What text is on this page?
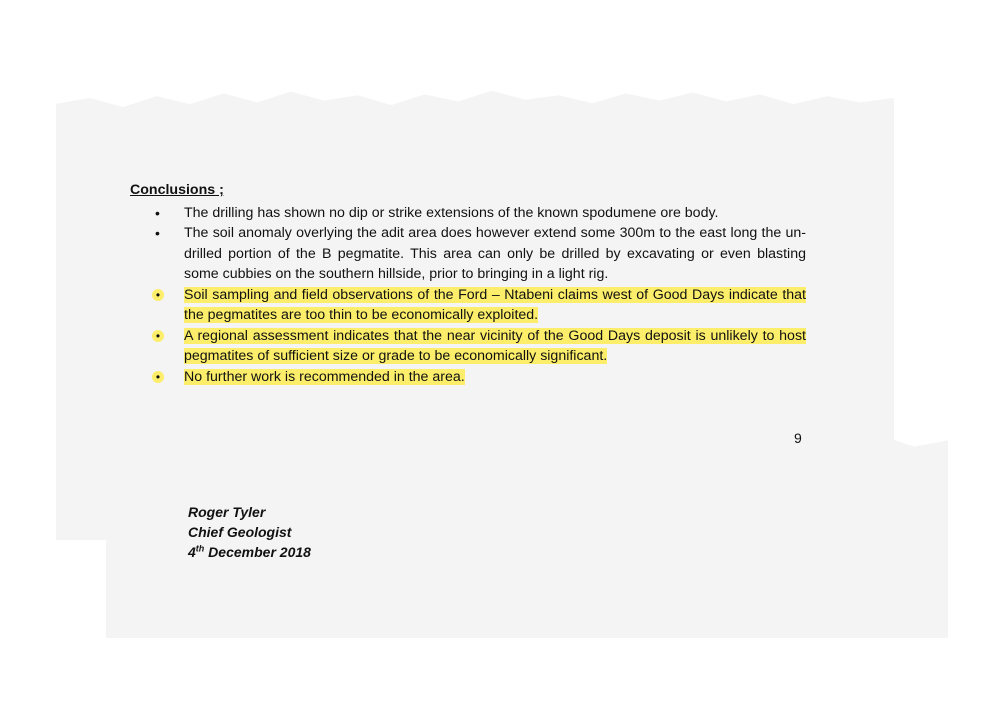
Conclusions ;
• The drilling has shown no dip or strike extensions of the known spodumene ore body.
• The soil anomaly overlying the adit area does however extend some 300m to the east long the un-drilled portion of the B pegmatite. This area can only be drilled by excavating or even blasting some cubbies on the southern hillside, prior to bringing in a light rig.
• Soil sampling and field observations of the Ford – Ntabeni claims west of Good Days indicate that the pegmatites are too thin to be economically exploited.
• A regional assessment indicates that the near vicinity of the Good Days deposit is unlikely to host pegmatites of sufficient size or grade to be economically significant.
• No further work is recommended in the area.
9
Roger Tyler
Chief Geologist
4th December 2018
